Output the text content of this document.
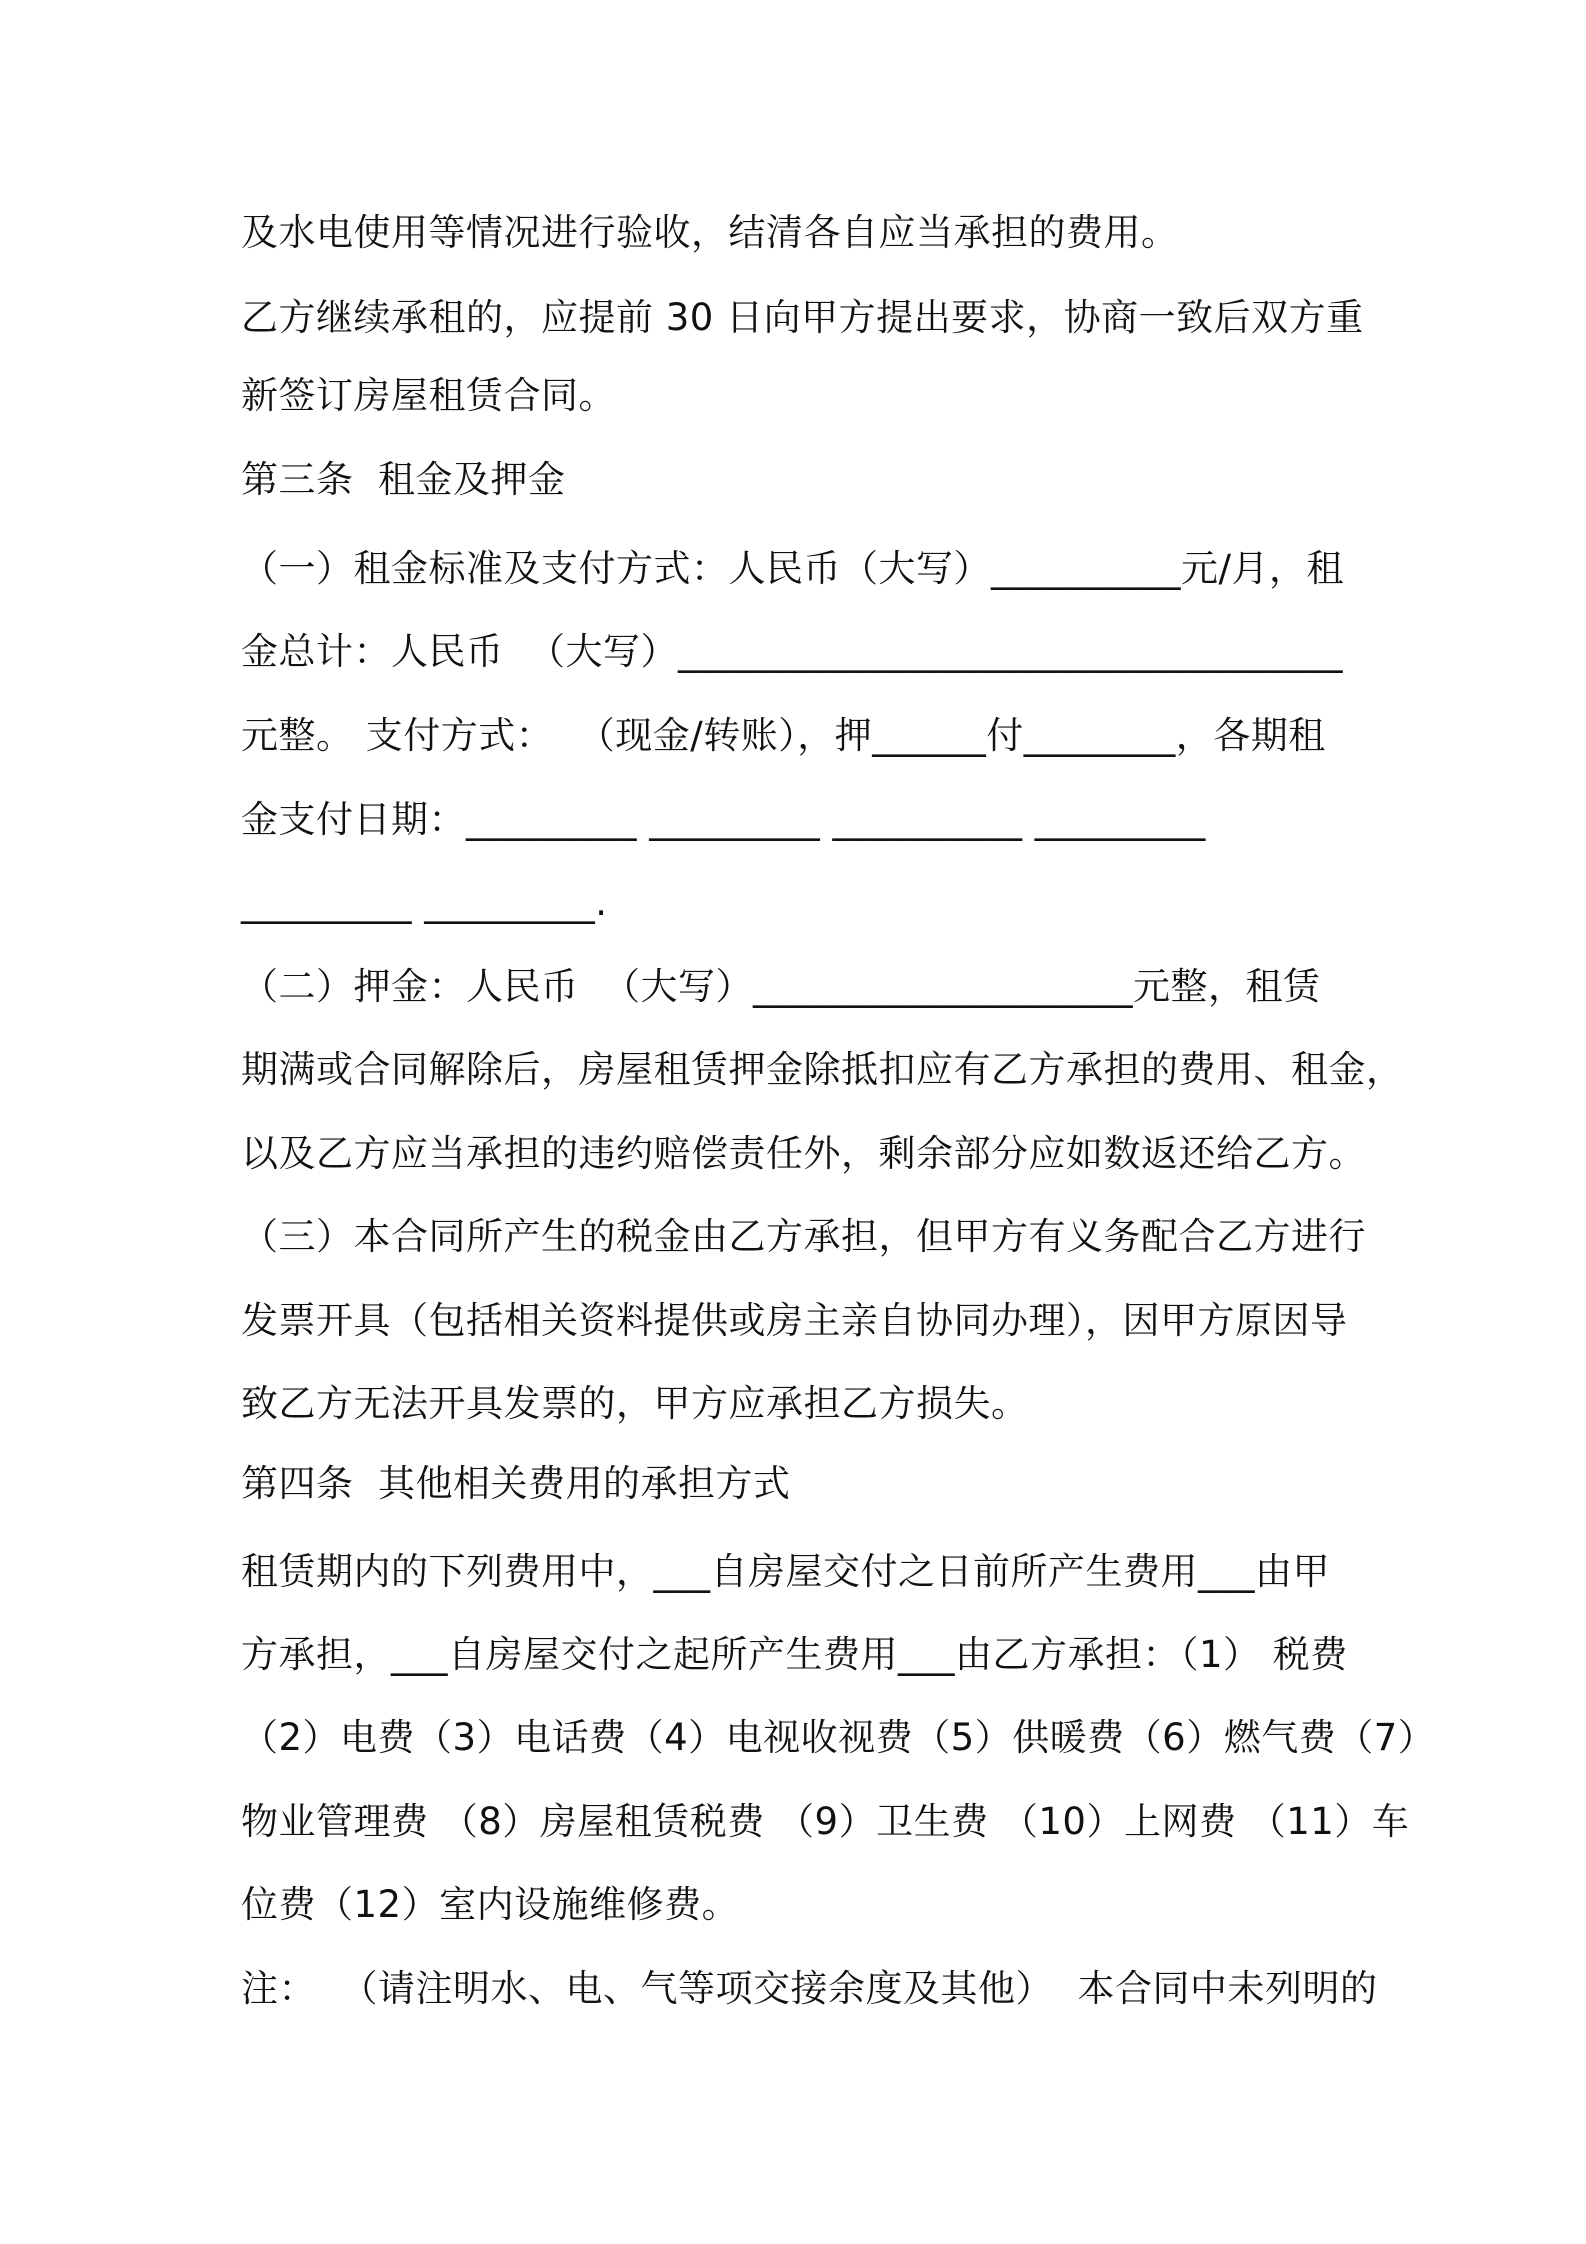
及水电使用等情况进行验收，结清各自应当承担的费用。
乙方继续承租的，应提前 30 日向甲方提出要求，协商一致后双方重
新签订房屋租赁合同。
第三条  租金及押金
（一）租金标准及支付方式：人民币（大写）__________元/月，租
金总计：人民币  （大写）___________________________________
元整。 支付方式：  （现金/转账），押______付________，各期租
金支付日期：_________ _________ __________ _________
_________ _________.
（二）押金：人民币  （大写）____________________元整，租赁
期满或合同解除后，房屋租赁押金除抵扣应有乙方承担的费用、租金，
以及乙方应当承担的违约赔偿责任外，剩余部分应如数返还给乙方。
（三）本合同所产生的税金由乙方承担，但甲方有义务配合乙方进行
发票开具（包括相关资料提供或房主亲自协同办理），因甲方原因导
致乙方无法开具发票的，甲方应承担乙方损失。
第四条  其他相关费用的承担方式
租赁期内的下列费用中，___自房屋交付之日前所产生费用___由甲
方承担，___自房屋交付之起所产生费用___由乙方承担：（1） 税费
（2）电费（3）电话费（4）电视收视费（5）供暖费（6）燃气费（7）
物业管理费 （8）房屋租赁税费 （9）卫生费 （10）上网费 （11）车
位费（12）室内设施维修费。
注：  （请注明水、电、气等项交接余度及其他）  本合同中未列明的
